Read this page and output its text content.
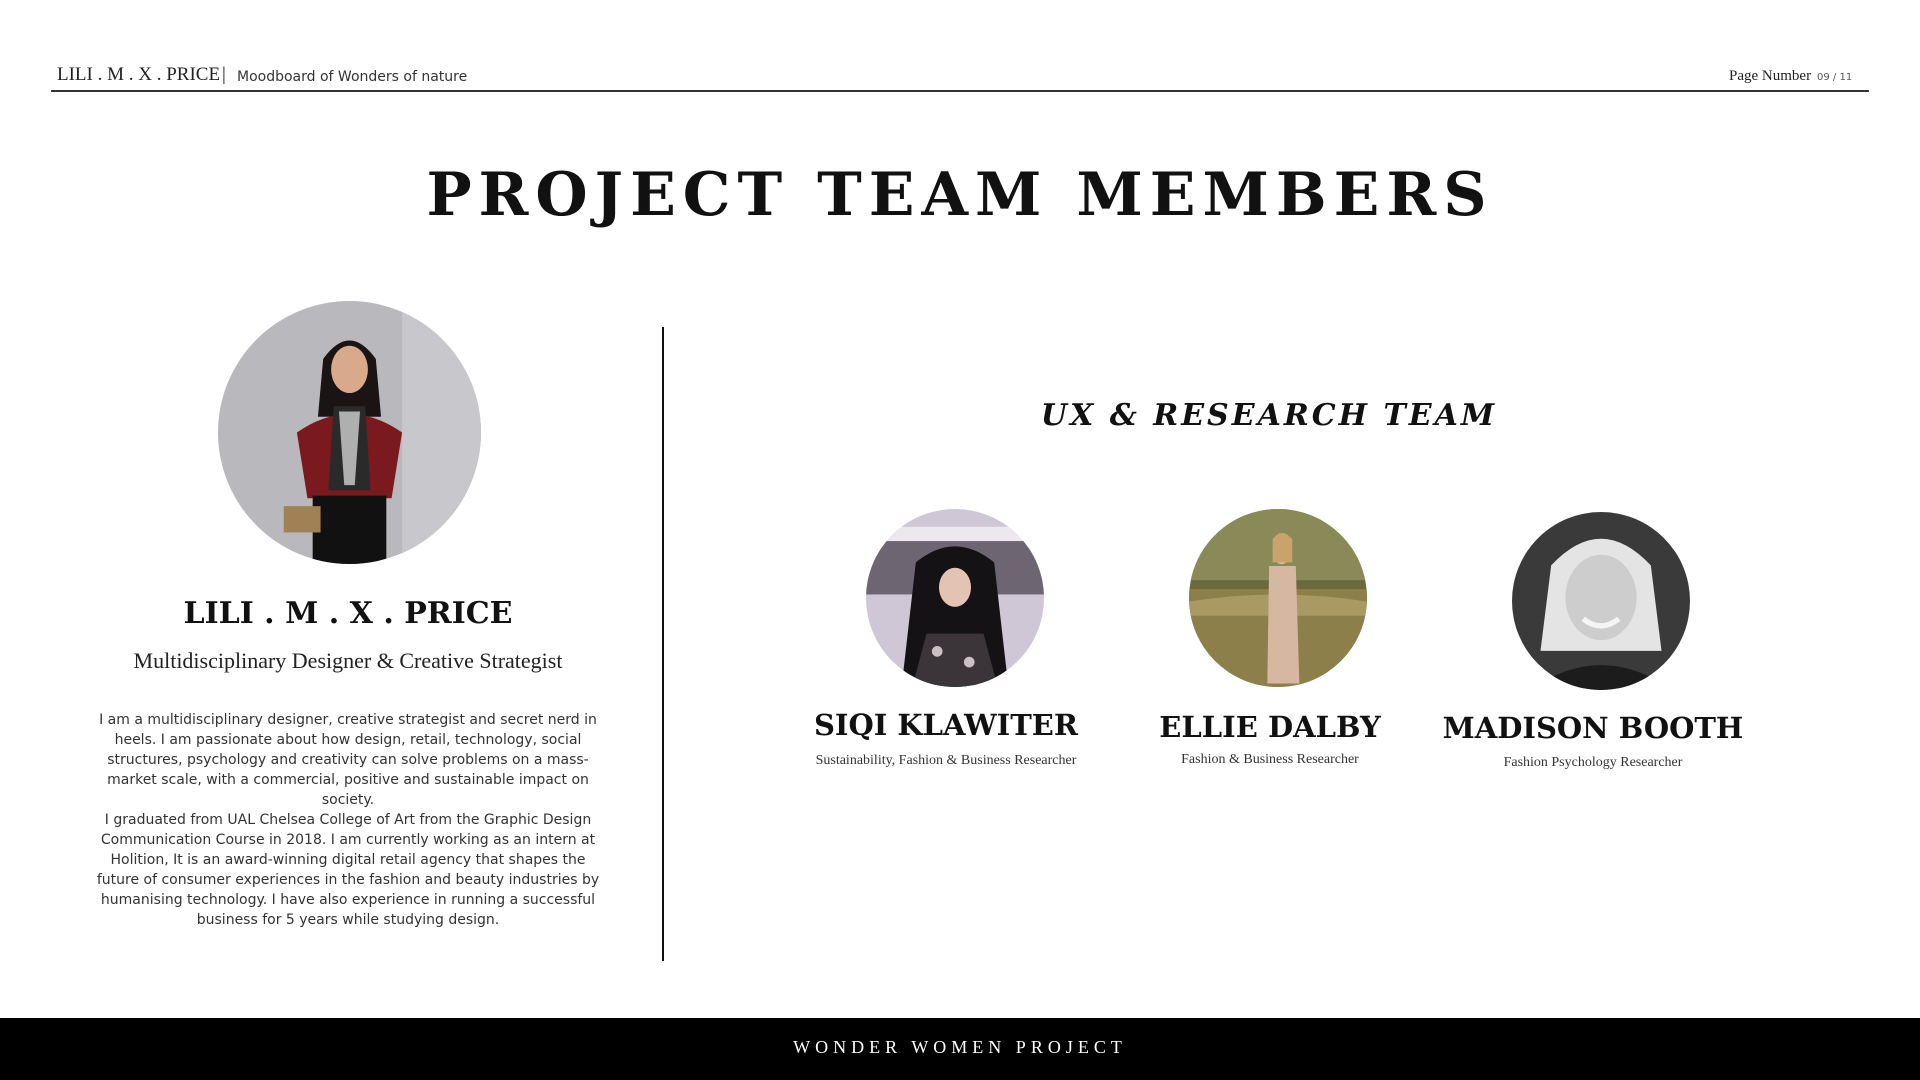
LILI . M . X . PRICE | Moodboard of Wonders of nature	Page Number 09 / 11
PROJECT TEAM MEMBERS
LILI . M . X . PRICE
Multidisciplinary Designer & Creative Strategist

I am a multidisciplinary designer, creative strategist and secret nerd in heels. I am passionate about how design, retail, technology, social structures, psychology and creativity can solve problems on a mass-market scale, with a commercial, positive and sustainable impact on society.

I graduated from UAL Chelsea College of Art from the Graphic Design Communication Course in 2018. I am currently working as an intern at Holition, It is an award-winning digital retail agency that shapes the future of consumer experiences in the fashion and beauty industries by humanising technology. I have also experience in running a successful business for 5 years while studying design.

UX & RESEARCH TEAM
SIQI KLAWITER
Sustainability, Fashion & Business Researcher
ELLIE DALBY
Fashion & Business Researcher
MADISON BOOTH
Fashion Psychology Researcher
WONDER WOMEN PROJECT
